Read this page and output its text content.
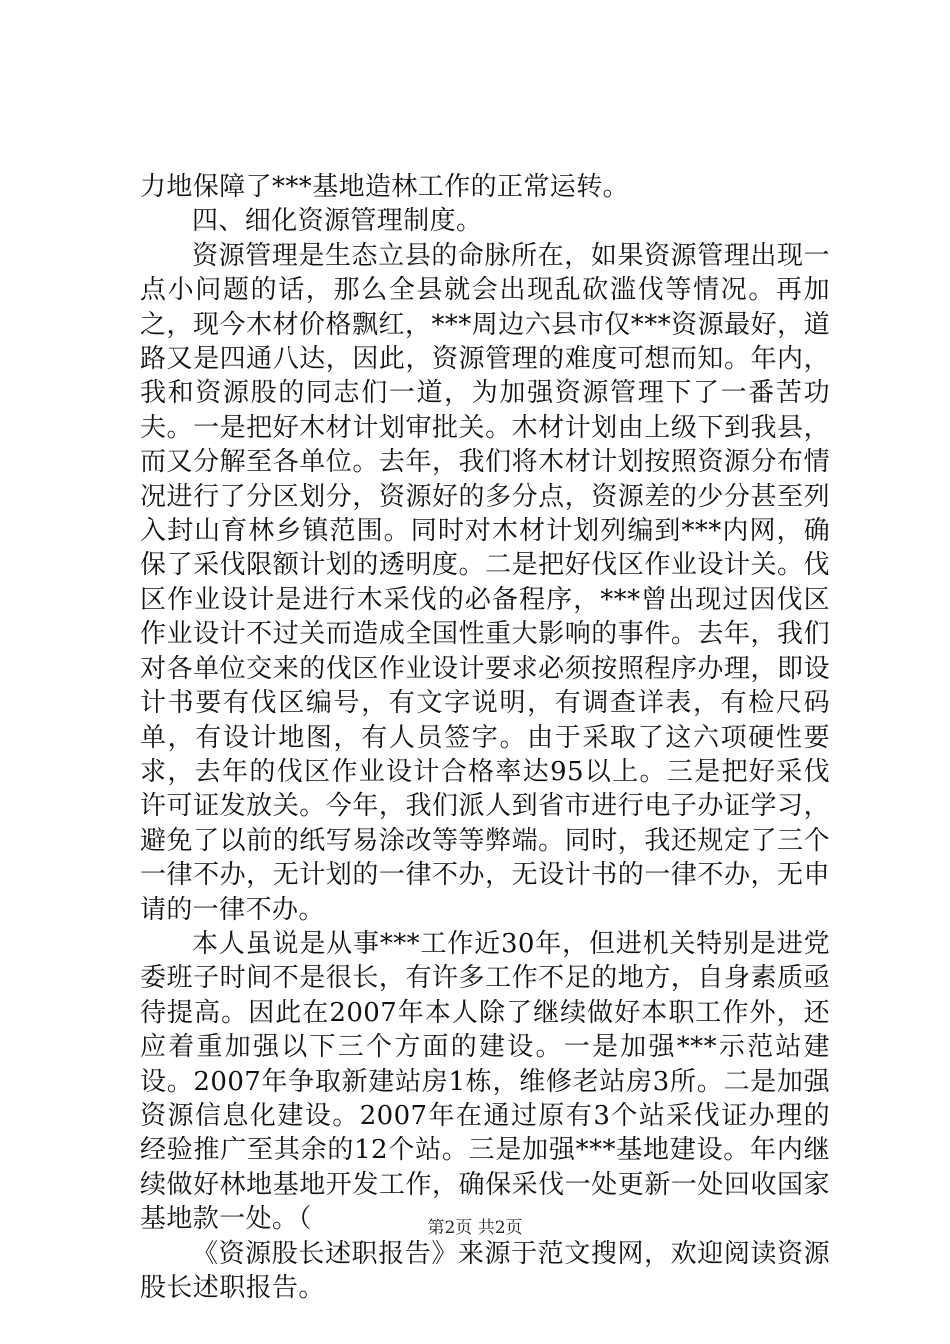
力地保障了***基地造林工作的正常运转。

四、细化资源管理制度。

资源管理是生态立县的命脉所在，如果资源管理出现一点小问题的话，那么全县就会出现乱砍滥伐等情况。再加之，现今木材价格飘红，***周边六县市仅***资源最好，道路又是四通八达，因此，资源管理的难度可想而知。年内，我和资源股的同志们一道，为加强资源管理下了一番苦功夫。一是把好木材计划审批关。木材计划由上级下到我县，而又分解至各单位。去年，我们将木材计划按照资源分布情况进行了分区划分，资源好的多分点，资源差的少分甚至列入封山育林乡镇范围。同时对木材计划列编到***内网，确保了采伐限额计划的透明度。二是把好伐区作业设计关。伐区作业设计是进行木采伐的必备程序，***曾出现过因伐区作业设计不过关而造成全国性重大影响的事件。去年，我们对各单位交来的伐区作业设计要求必须按照程序办理，即设计书要有伐区编号，有文字说明，有调查详表，有检尺码单，有设计地图，有人员签字。由于采取了这六项硬性要求，去年的伐区作业设计合格率达95以上。三是把好采伐许可证发放关。今年，我们派人到省市进行电子办证学习，避免了以前的纸写易涂改等等弊端。同时，我还规定了三个一律不办，无计划的一律不办，无设计书的一律不办，无申请的一律不办。

本人虽说是从事***工作近30年，但进机关特别是进党委班子时间不是很长，有许多工作不足的地方，自身素质亟待提高。因此在2007年本人除了继续做好本职工作外，还应着重加强以下三个方面的建设。一是加强***示范站建设。2007年争取新建站房1栋，维修老站房3所。二是加强资源信息化建设。2007年在通过原有3个站采伐证办理的经验推广至其余的12个站。三是加强***基地建设。年内继续做好林地基地开发工作，确保采伐一处更新一处回收国家基地款一处。（

《资源股长述职报告》来源于范文搜网，欢迎阅读资源股长述职报告。

第2页 共2页
